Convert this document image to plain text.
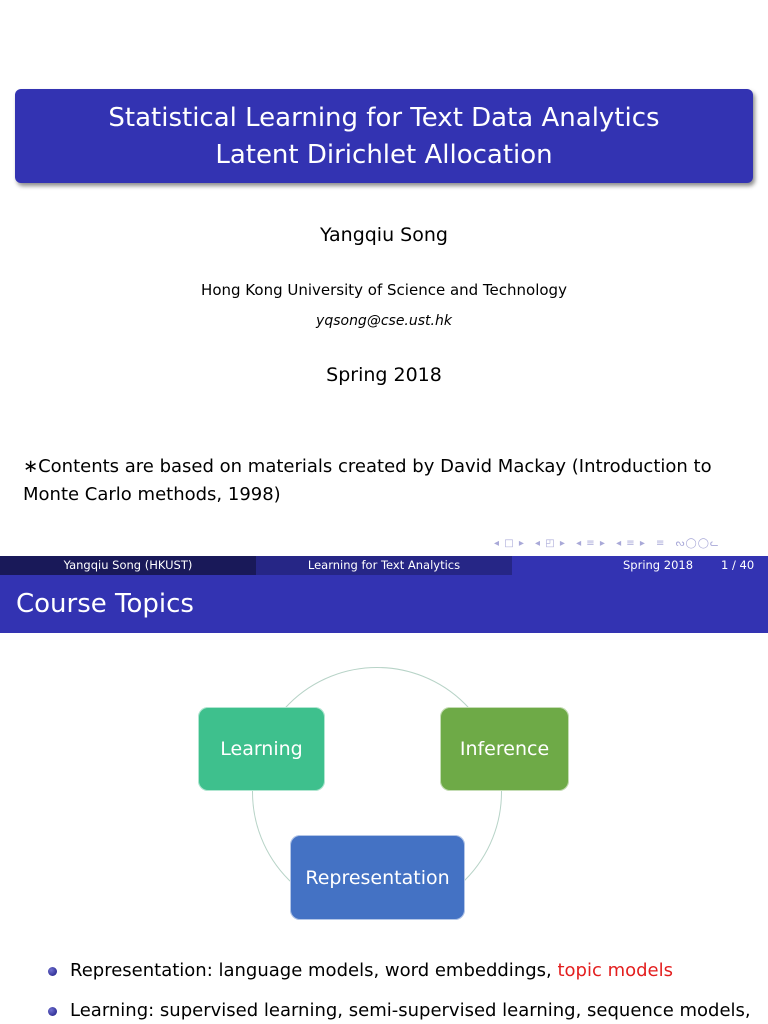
Statistical Learning for Text Data Analytics
Latent Dirichlet Allocation
Yangqiu Song
Hong Kong University of Science and Technology
yqsong@cse.ust.hk
Spring 2018
∗Contents are based on materials created by David Mackay (Introduction to Monte Carlo methods, 1998)
◂ □ ▸ ◂ ◰ ▸ ◂ ≡ ▸ ◂ ≡ ▸ ≡ ᔓ◯◯ᓚ
Yangqiu Song (HKUST)	Learning for Text Analytics	Spring 2018 1 / 40
Course Topics
Learning	Inference
Representation
Representation: language models, word embeddings, topic models
Learning: supervised learning, semi-supervised learning, sequence models,
